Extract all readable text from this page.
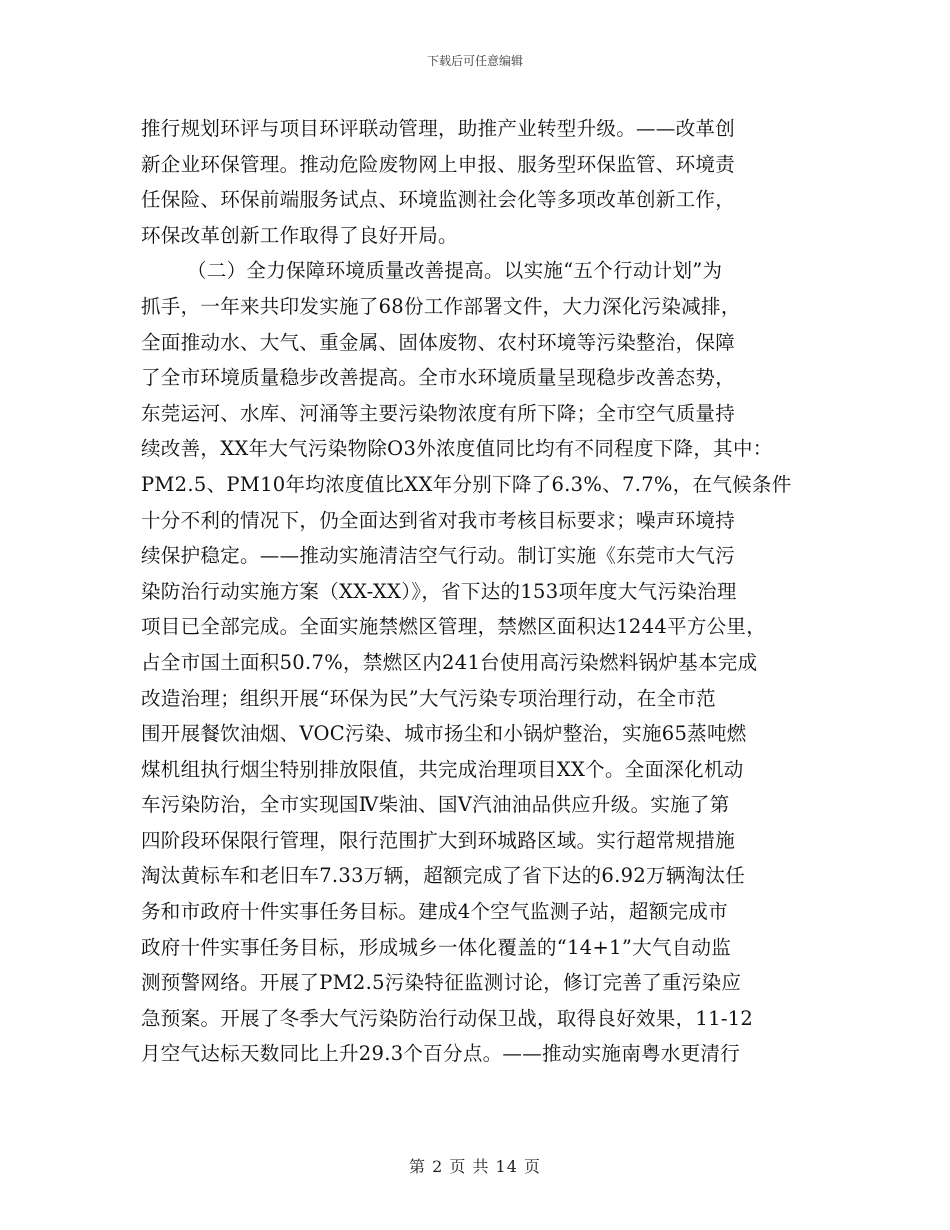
下载后可任意编辑
推行规划环评与项目环评联动管理，助推产业转型升级。——改革创
新企业环保管理。推动危险废物网上申报、服务型环保监管、环境责
任保险、环保前端服务试点、环境监测社会化等多项改革创新工作，
环保改革创新工作取得了良好开局。
（二）全力保障环境质量改善提高。以实施“五个行动计划”为
抓手，一年来共印发实施了68份工作部署文件，大力深化污染减排，
全面推动水、大气、重金属、固体废物、农村环境等污染整治，保障
了全市环境质量稳步改善提高。全市水环境质量呈现稳步改善态势，
东莞运河、水库、河涌等主要污染物浓度有所下降；全市空气质量持
续改善，XX年大气污染物除O3外浓度值同比均有不同程度下降，其中：
PM2.5、PM10年均浓度值比XX年分别下降了6.3%、7.7%，在气候条件
十分不利的情况下，仍全面达到省对我市考核目标要求；噪声环境持
续保护稳定。——推动实施清洁空气行动。制订实施《东莞市大气污
染防治行动实施方案（XX-XX）》，省下达的153项年度大气污染治理
项目已全部完成。全面实施禁燃区管理，禁燃区面积达1244平方公里，
占全市国土面积50.7%，禁燃区内241台使用高污染燃料锅炉基本完成
改造治理；组织开展“环保为民”大气污染专项治理行动，在全市范
围开展餐饮油烟、VOC污染、城市扬尘和小锅炉整治，实施65蒸吨燃
煤机组执行烟尘特别排放限值，共完成治理项目XX个。全面深化机动
车污染防治，全市实现国Ⅳ柴油、国Ⅴ汽油油品供应升级。实施了第
四阶段环保限行管理，限行范围扩大到环城路区域。实行超常规措施
淘汰黄标车和老旧车7.33万辆，超额完成了省下达的6.92万辆淘汰任
务和市政府十件实事任务目标。建成4个空气监测子站，超额完成市
政府十件实事任务目标，形成城乡一体化覆盖的“14+1”大气自动监
测预警网络。开展了PM2.5污染特征监测讨论，修订完善了重污染应
急预案。开展了冬季大气污染防治行动保卫战，取得良好效果，11-12
月空气达标天数同比上升29.3个百分点。——推动实施南粤水更清行
第 2 页 共 14 页
